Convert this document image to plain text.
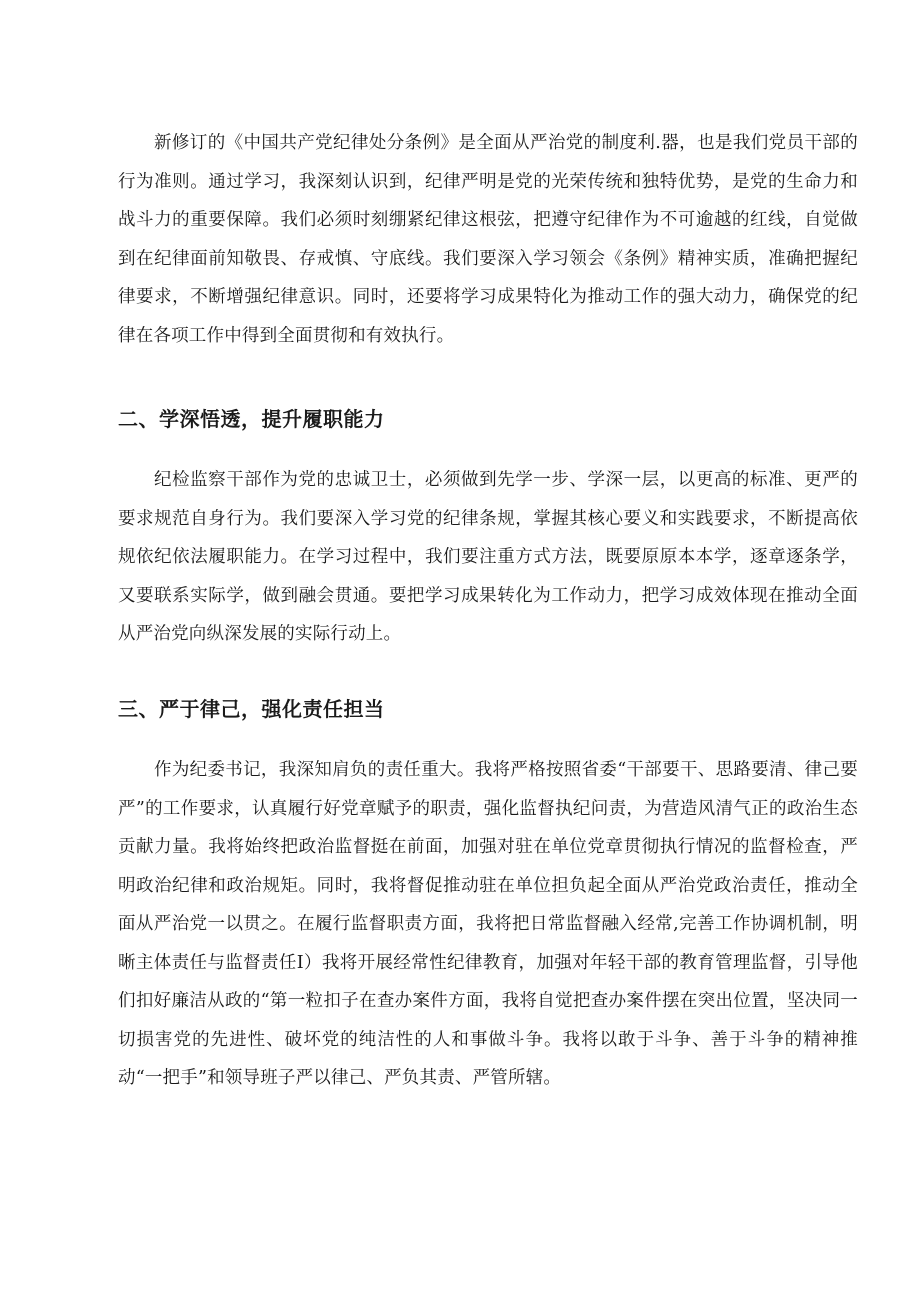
新修订的《中国共产党纪律处分条例》是全面从严治党的制度利.器，也是我们党员干部的行为准则。通过学习，我深刻认识到，纪律严明是党的光荣传统和独特优势，是党的生命力和战斗力的重要保障。我们必须时刻绷紧纪律这根弦，把遵守纪律作为不可逾越的红线，自觉做到在纪律面前知敬畏、存戒慎、守底线。我们要深入学习领会《条例》精神实质，准确把握纪律要求，不断增强纪律意识。同时，还要将学习成果特化为推动工作的强大动力，确保党的纪律在各项工作中得到全面贯彻和有效执行。

二、学深悟透，提升履职能力

纪检监察干部作为党的忠诚卫士，必须做到先学一步、学深一层，以更高的标准、更严的要求规范自身行为。我们要深入学习党的纪律条规，掌握其核心要义和实践要求，不断提高依规依纪依法履职能力。在学习过程中，我们要注重方式方法，既要原原本本学，逐章逐条学，又要联系实际学，做到融会贯通。要把学习成果转化为工作动力，把学习成效体现在推动全面从严治党向纵深发展的实际行动上。

三、严于律己，强化责任担当

作为纪委书记，我深知肩负的责任重大。我将严格按照省委“干部要干、思路要清、律己要严”的工作要求，认真履行好党章赋予的职责，强化监督执纪问责，为营造风清气正的政治生态贡献力量。我将始终把政治监督挺在前面，加强对驻在单位党章贯彻执行情况的监督检查，严明政治纪律和政治规矩。同时，我将督促推动驻在单位担负起全面从严治党政治责任，推动全面从严治党一以贯之。在履行监督职责方面，我将把日常监督融入经常,完善工作协调机制，明晰主体责任与监督责任I）我将开展经常性纪律教育，加强对年轻干部的教育管理监督，引导他们扣好廉洁从政的“第一粒扣子在查办案件方面，我将自觉把查办案件摆在突出位置，坚决同一切损害党的先进性、破坏党的纯洁性的人和事做斗争。我将以敢于斗争、善于斗争的精神推动“一把手”和领导班子严以律己、严负其责、严管所辖。
